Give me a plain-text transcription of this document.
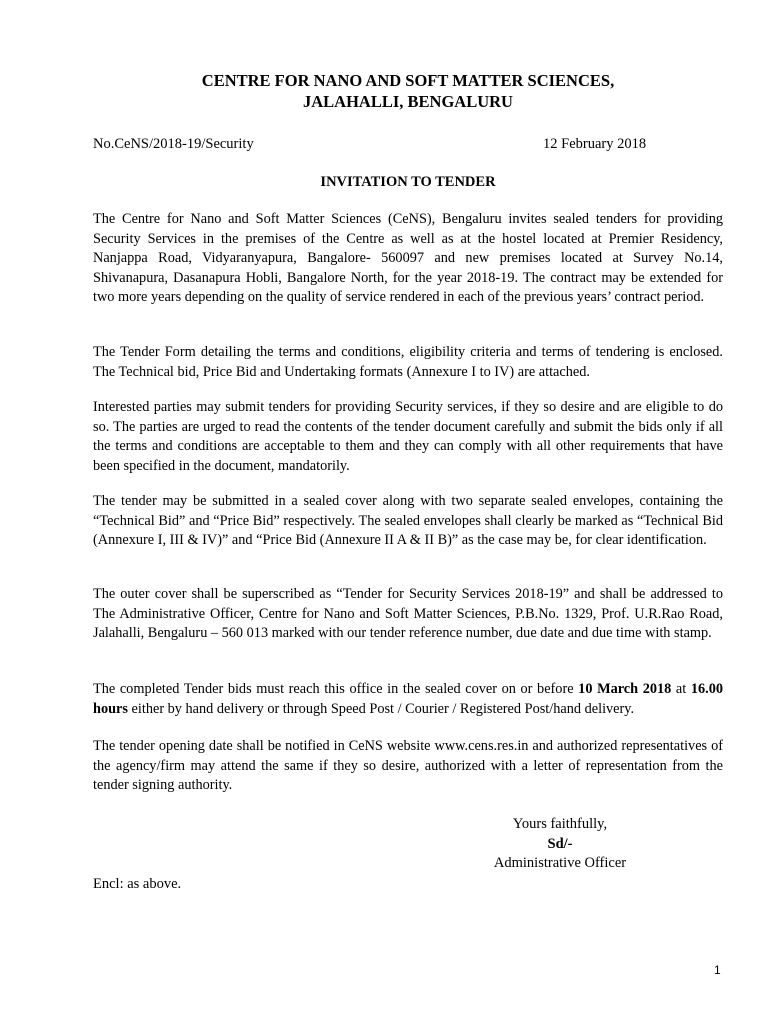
CENTRE FOR NANO AND SOFT MATTER SCIENCES,
JALAHALLI, BENGALURU
No.CeNS/2018-19/Security	12 February 2018
INVITATION TO TENDER

The Centre for Nano and Soft Matter Sciences (CeNS), Bengaluru invites sealed tenders for providing Security Services in the premises of the Centre as well as at the hostel located at Premier Residency, Nanjappa Road, Vidyaranyapura, Bangalore- 560097 and new premises located at Survey No.14, Shivanapura, Dasanapura Hobli, Bangalore North, for the year 2018-19. The contract may be extended for two more years depending on the quality of service rendered in each of the previous years’ contract period.

The Tender Form detailing the terms and conditions, eligibility criteria and terms of tendering is enclosed. The Technical bid, Price Bid and Undertaking formats (Annexure I to IV) are attached.

Interested parties may submit tenders for providing Security services, if they so desire and are eligible to do so. The parties are urged to read the contents of the tender document carefully and submit the bids only if all the terms and conditions are acceptable to them and they can comply with all other requirements that have been specified in the document, mandatorily.

The tender may be submitted in a sealed cover along with two separate sealed envelopes, containing the “Technical Bid” and “Price Bid” respectively. The sealed envelopes shall clearly be marked as “Technical Bid (Annexure I, III & IV)” and “Price Bid (Annexure II A & II B)” as the case may be, for clear identification.

The outer cover shall be superscribed as “Tender for Security Services 2018-19” and shall be addressed to The Administrative Officer, Centre for Nano and Soft Matter Sciences, P.B.No. 1329, Prof. U.R.Rao Road, Jalahalli, Bengaluru – 560 013 marked with our tender reference number, due date and due time with stamp.

The completed Tender bids must reach this office in the sealed cover on or before 10 March 2018 at 16.00 hours either by hand delivery or through Speed Post / Courier / Registered Post/hand delivery.

The tender opening date shall be notified in CeNS website www.cens.res.in and authorized representatives of the agency/firm may attend the same if they so desire, authorized with a letter of representation from the tender signing authority.

Yours faithfully,
Sd/-
Administrative Officer
Encl: as above.
1
